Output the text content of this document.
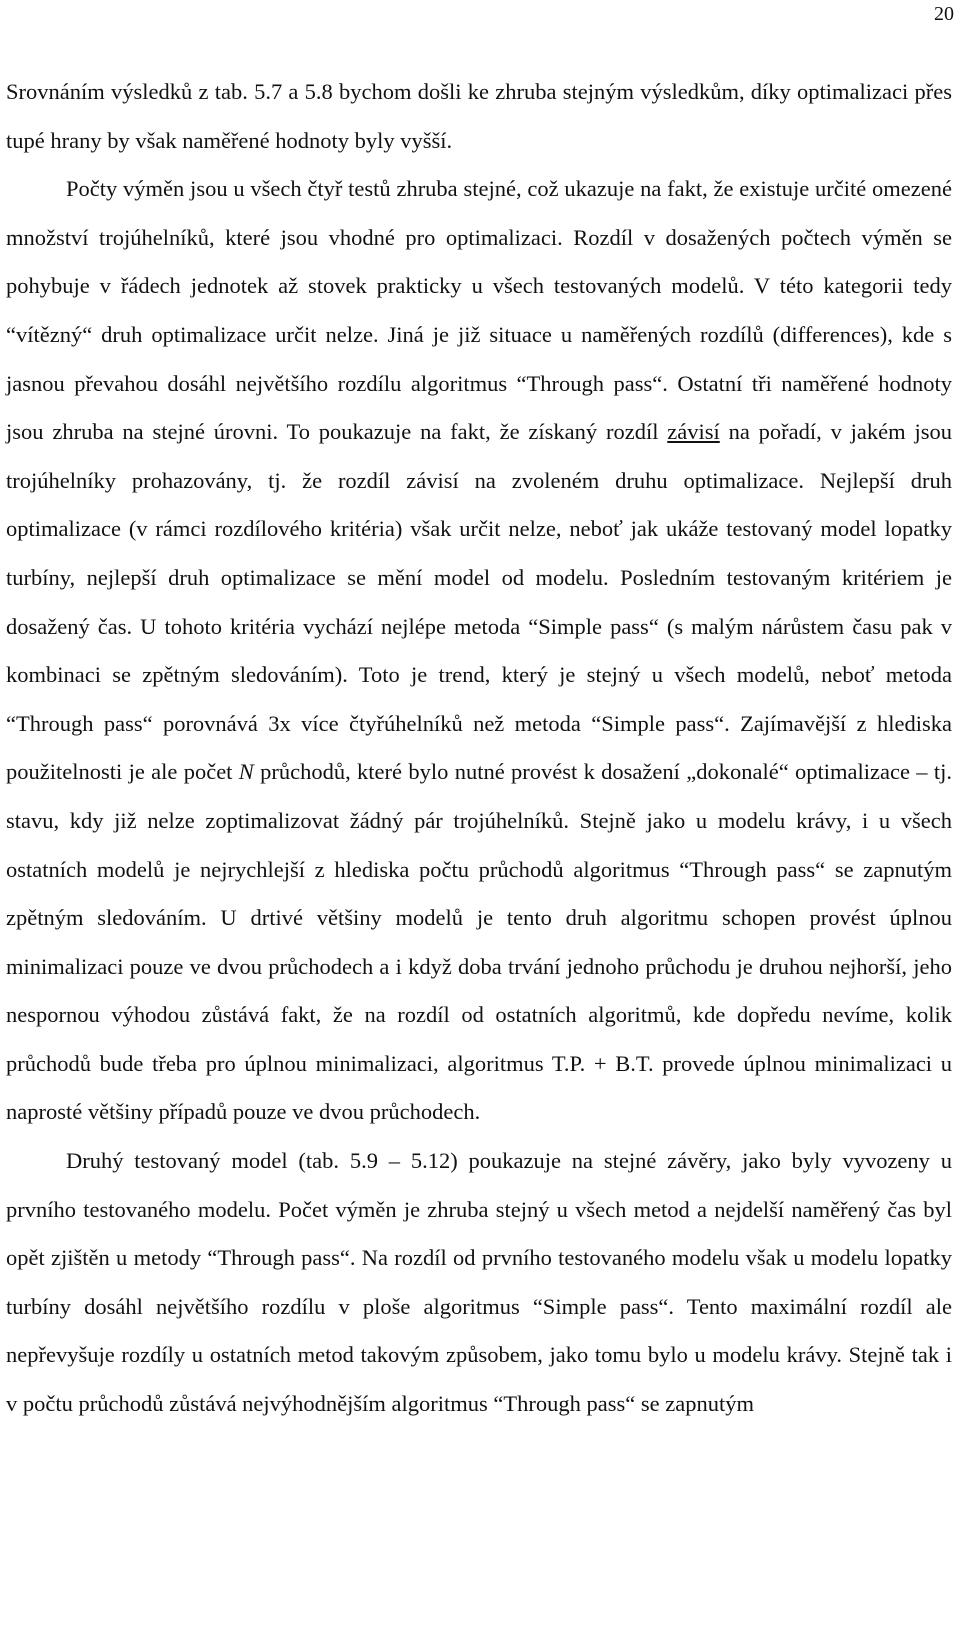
20

Srovnáním výsledků z tab. 5.7 a 5.8 bychom došli ke zhruba stejným výsledkům, díky optimalizaci přes tupé hrany by však naměřené hodnoty byly vyšší.

Počty výměn jsou u všech čtyř testů zhruba stejné, což ukazuje na fakt, že existuje určité omezené množství trojúhelníků, které jsou vhodné pro optimalizaci. Rozdíl v dosažených počtech výměn se pohybuje v řádech jednotek až stovek prakticky u všech testovaných modelů. V této kategorii tedy “vítězný“ druh optimalizace určit nelze. Jiná je již situace u naměřených rozdílů (differences), kde s jasnou převahou dosáhl největšího rozdílu algoritmus “Through pass“. Ostatní tři naměřené hodnoty jsou zhruba na stejné úrovni. To poukazuje na fakt, že získaný rozdíl závisí na pořadí, v jakém jsou trojúhelníky prohazovány, tj. že rozdíl závisí na zvoleném druhu optimalizace. Nejlepší druh optimalizace (v rámci rozdílového kritéria) však určit nelze, neboť jak ukáže testovaný model lopatky turbíny, nejlepší druh optimalizace se mění model od modelu. Posledním testovaným kritériem je dosažený čas. U tohoto kritéria vychází nejlépe metoda “Simple pass“ (s malým nárůstem času pak v kombinaci se zpětným sledováním). Toto je trend, který je stejný u všech modelů, neboť metoda “Through pass“ porovnává 3x více čtyřúhelníků než metoda “Simple pass“. Zajímavější z hlediska použitelnosti je ale počet N průchodů, které bylo nutné provést k dosažení „dokonalé“ optimalizace – tj. stavu, kdy již nelze zoptimalizovat žádný pár trojúhelníků. Stejně jako u modelu krávy, i u všech ostatních modelů je nejrychlejší z hlediska počtu průchodů algoritmus “Through pass“ se zapnutým zpětným sledováním. U drtivé většiny modelů je tento druh algoritmu schopen provést úplnou minimalizaci pouze ve dvou průchodech a i když doba trvání jednoho průchodu je druhou nejhorší, jeho nespornou výhodou zůstává fakt, že na rozdíl od ostatních algoritmů, kde dopředu nevíme, kolik průchodů bude třeba pro úplnou minimalizaci, algoritmus T.P. + B.T. provede úplnou minimalizaci u naprosté většiny případů pouze ve dvou průchodech.

Druhý testovaný model (tab. 5.9 – 5.12) poukazuje na stejné závěry, jako byly vyvozeny u prvního testovaného modelu. Počet výměn je zhruba stejný u všech metod a nejdelší naměřený čas byl opět zjištěn u metody “Through pass“. Na rozdíl od prvního testovaného modelu však u modelu lopatky turbíny dosáhl největšího rozdílu v ploše algoritmus “Simple pass“. Tento maximální rozdíl ale nepřevyšuje rozdíly u ostatních metod takovým způsobem, jako tomu bylo u modelu krávy. Stejně tak i v počtu průchodů zůstává nejvýhodnějším algoritmus “Through pass“ se zapnutým
